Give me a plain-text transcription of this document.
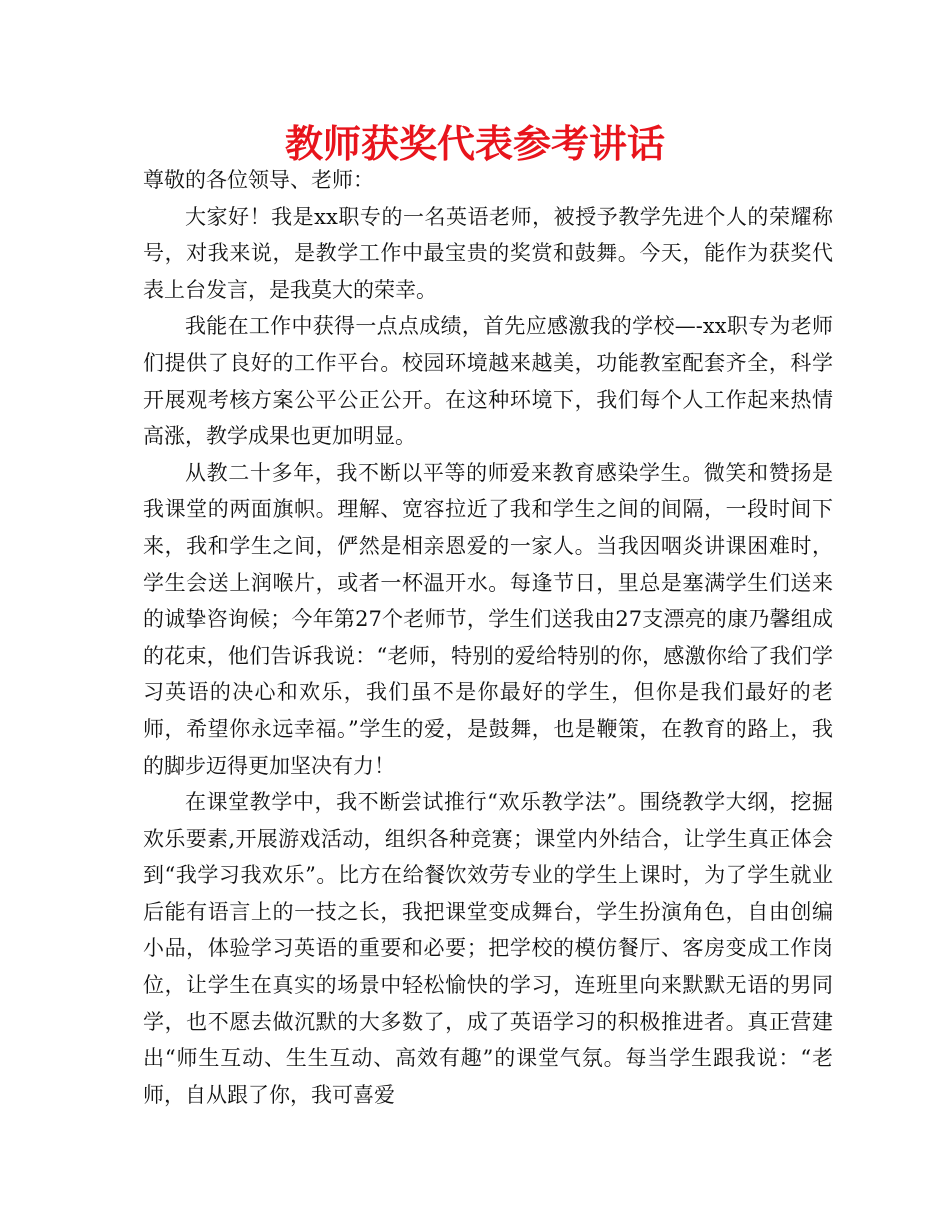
教师获奖代表参考讲话

尊敬的各位领导、老师：

大家好！我是xx职专的一名英语老师，被授予教学先进个人的荣耀称号，对我来说，是教学工作中最宝贵的奖赏和鼓舞。今天，能作为获奖代表上台发言，是我莫大的荣幸。

我能在工作中获得一点点成绩，首先应感激我的学校—-xx职专为老师们提供了良好的工作平台。校园环境越来越美，功能教室配套齐全，科学开展观考核方案公平公正公开。在这种环境下，我们每个人工作起来热情高涨，教学成果也更加明显。

从教二十多年，我不断以平等的师爱来教育感染学生。微笑和赞扬是我课堂的两面旗帜。理解、宽容拉近了我和学生之间的间隔，一段时间下来，我和学生之间，俨然是相亲恩爱的一家人。当我因咽炎讲课困难时，学生会送上润喉片，或者一杯温开水。每逢节日，里总是塞满学生们送来的诚挚咨询候；今年第27个老师节，学生们送我由27支漂亮的康乃馨组成的花束，他们告诉我说：“老师，特别的爱给特别的你，感激你给了我们学习英语的决心和欢乐，我们虽不是你最好的学生，但你是我们最好的老师，希望你永远幸福。”学生的爱，是鼓舞，也是鞭策，在教育的路上，我的脚步迈得更加坚决有力！

在课堂教学中，我不断尝试推行“欢乐教学法”。围绕教学大纲，挖掘欢乐要素,开展游戏活动，组织各种竞赛；课堂内外结合，让学生真正体会到“我学习我欢乐”。比方在给餐饮效劳专业的学生上课时，为了学生就业后能有语言上的一技之长，我把课堂变成舞台，学生扮演角色，自由创编小品，体验学习英语的重要和必要；把学校的模仿餐厅、客房变成工作岗位，让学生在真实的场景中轻松愉快的学习，连班里向来默默无语的男同学，也不愿去做沉默的大多数了，成了英语学习的积极推进者。真正营建出“师生互动、生生互动、高效有趣”的课堂气氛。每当学生跟我说：“老师，自从跟了你，我可喜爱
